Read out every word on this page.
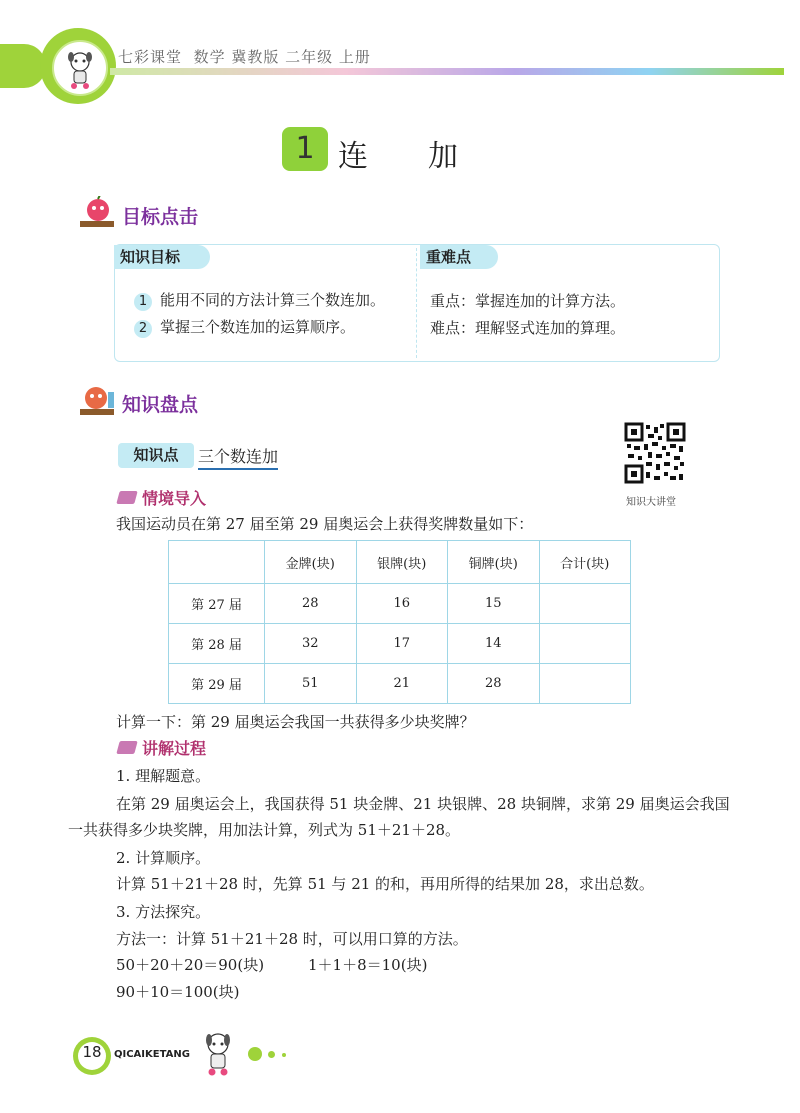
七彩课堂 数学 冀教版 二年级 上册
1 连加
目标点击
知识目标	重难点
1 能用不同的方法计算三个数连加。
2 掌握三个数连加的运算顺序。
重点：掌握连加的计算方法。
难点：理解竖式连加的算理。
知识盘点
知识点	三个数连加
知识大讲堂
情境导入
我国运动员在第 27 届至第 29 届奥运会上获得奖牌数量如下：
	金牌(块)	银牌(块)	铜牌(块)	合计(块)
第 27 届	28	16	15	
第 28 届	32	17	14	
第 29 届	51	21	28	
计算一下：第 29 届奥运会我国一共获得多少块奖牌？
讲解过程
1. 理解题意。
在第 29 届奥运会上，我国获得 51 块金牌、21 块银牌、28 块铜牌，求第 29 届奥运会我国
一共获得多少块奖牌，用加法计算，列式为 51＋21＋28。
2. 计算顺序。
计算 51＋21＋28 时，先算 51 与 21 的和，再用所得的结果加 28，求出总数。
3. 方法探究。
方法一：计算 51＋21＋28 时，可以用口算的方法。
50＋20＋20＝90(块)	1＋1＋8＝10(块)
90＋10＝100(块)
18	QICAIKETANG
